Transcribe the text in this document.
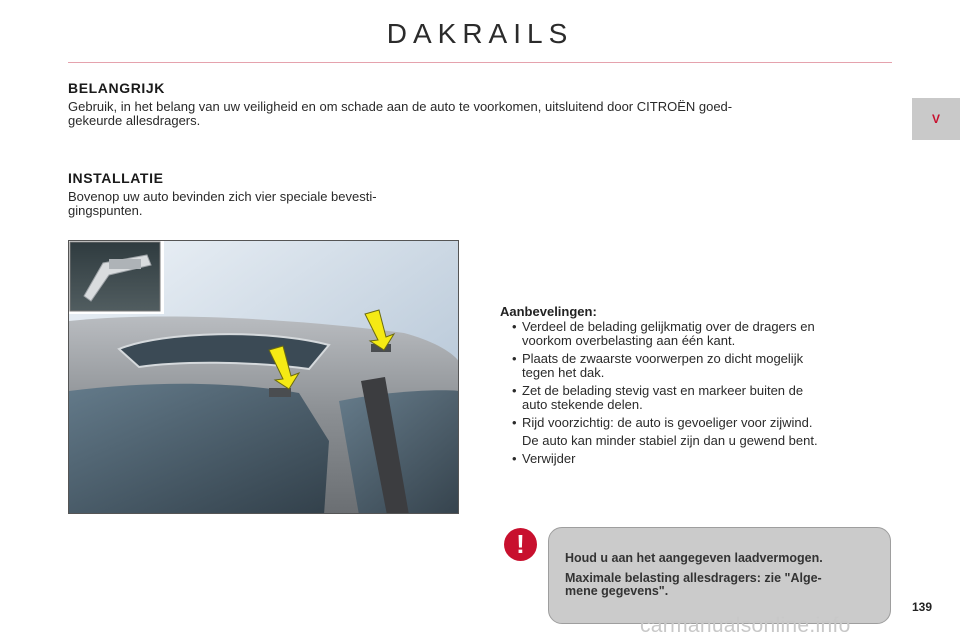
DAKRAILS
V
BELANGRIJK
Gebruik, in het belang van uw veiligheid en om schade aan de auto te voorkomen, uitsluitend door CITROËN goed-
gekeurde allesdragers.
INSTALLATIE
Bovenop uw auto bevinden zich vier speciale bevesti-
gingspunten.
Aanbevelingen:
• Verdeel de belading gelijkmatig over de dragers en
voorkom overbelasting aan één kant.
• Plaats de zwaarste voorwerpen zo dicht mogelijk
tegen het dak.
• Zet de belading stevig vast en markeer buiten de
auto stekende delen.
• Rijd voorzichtig: de auto is gevoeliger voor zijwind.
De auto kan minder stabiel zijn dan u gewend bent.
• Verwijder
!	Houd u aan het aangegeven laadvermogen.

Maximale belasting allesdragers: zie "Alge-
mene gegevens".

139
carmanualsonline.info
